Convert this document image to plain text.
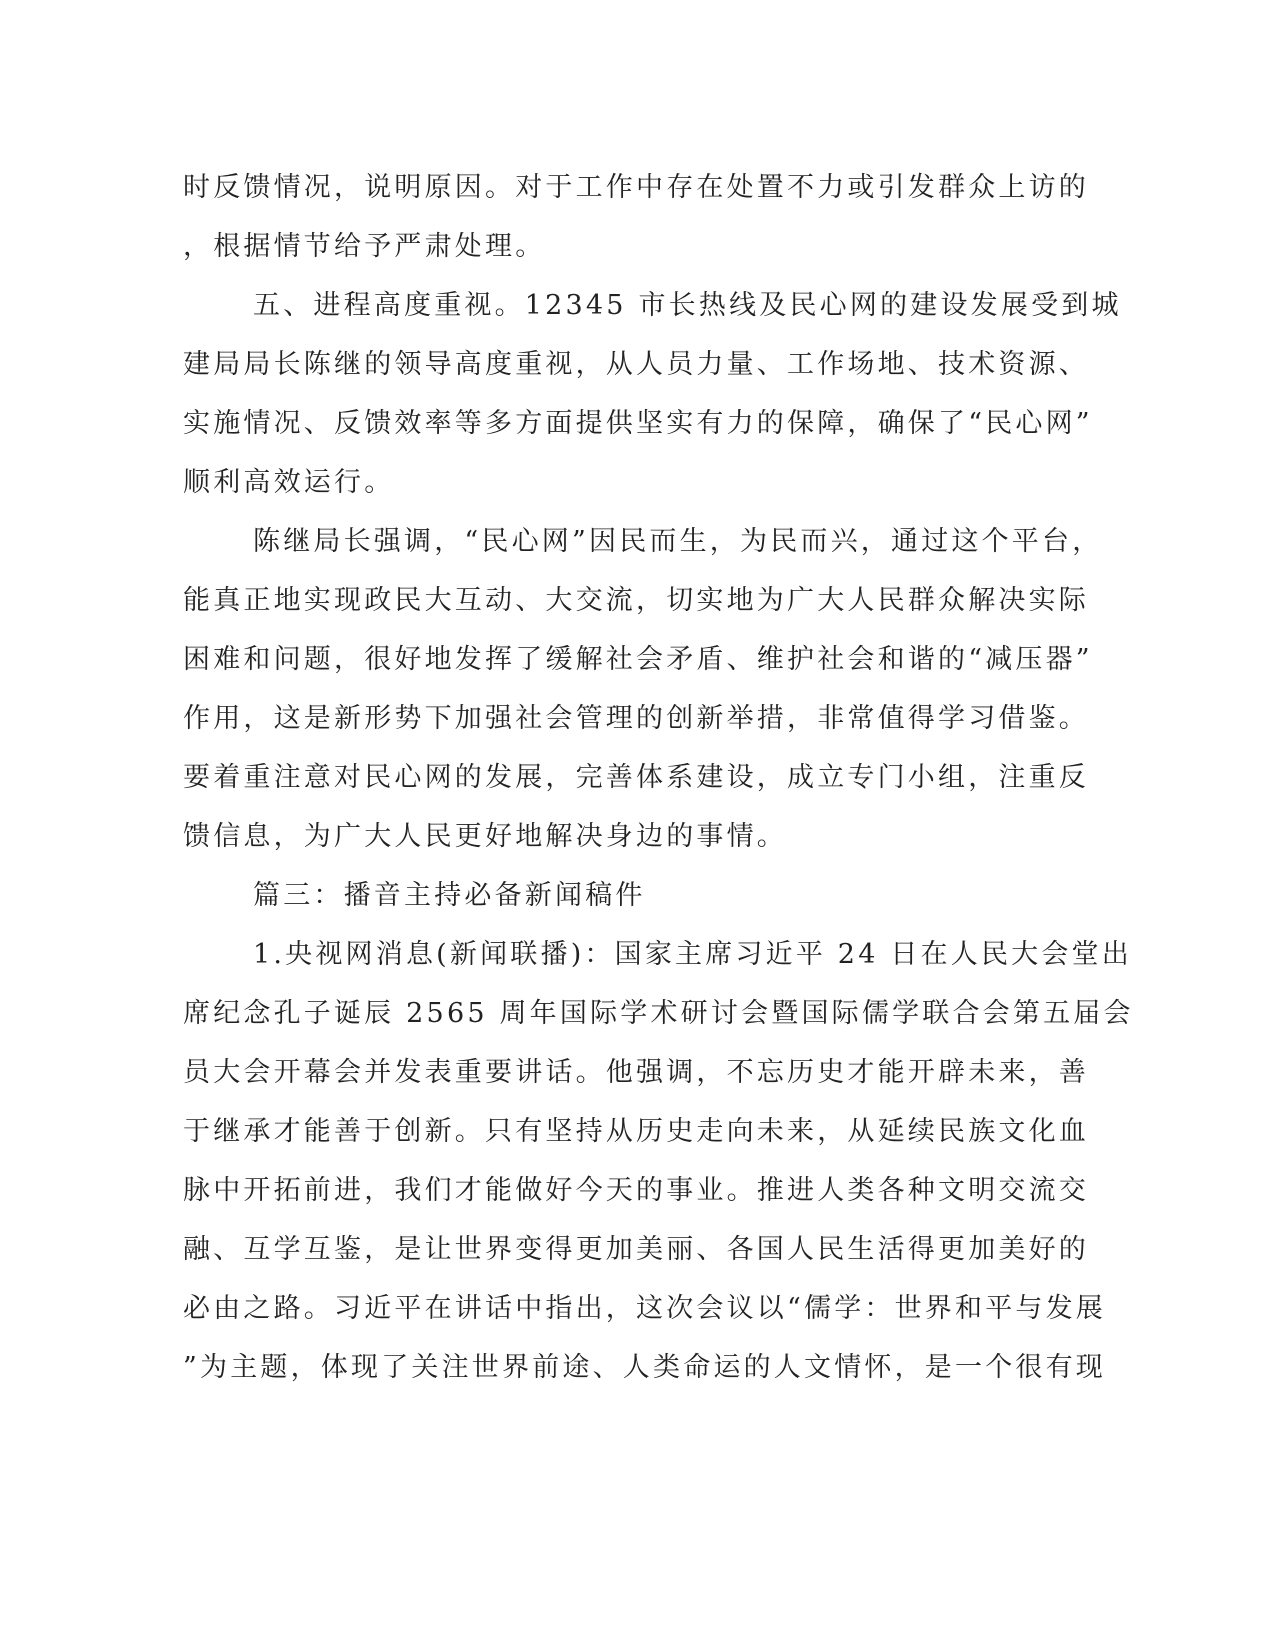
时反馈情况，说明原因。对于工作中存在处置不力或引发群众上访的
，根据情节给予严肃处理。
五、进程高度重视。12345 市长热线及民心网的建设发展受到城
建局局长陈继的领导高度重视，从人员力量、工作场地、技术资源、
实施情况、反馈效率等多方面提供坚实有力的保障，确保了“民心网”
顺利高效运行。
陈继局长强调，“民心网”因民而生，为民而兴，通过这个平台，
能真正地实现政民大互动、大交流，切实地为广大人民群众解决实际
困难和问题，很好地发挥了缓解社会矛盾、维护社会和谐的“减压器”
作用，这是新形势下加强社会管理的创新举措，非常值得学习借鉴。
要着重注意对民心网的发展，完善体系建设，成立专门小组，注重反
馈信息，为广大人民更好地解决身边的事情。
篇三：播音主持必备新闻稿件
1.央视网消息(新闻联播)：国家主席习近平 24 日在人民大会堂出
席纪念孔子诞辰 2565 周年国际学术研讨会暨国际儒学联合会第五届会
员大会开幕会并发表重要讲话。他强调，不忘历史才能开辟未来，善
于继承才能善于创新。只有坚持从历史走向未来，从延续民族文化血
脉中开拓前进，我们才能做好今天的事业。推进人类各种文明交流交
融、互学互鉴，是让世界变得更加美丽、各国人民生活得更加美好的
必由之路。习近平在讲话中指出，这次会议以“儒学：世界和平与发展
”为主题，体现了关注世界前途、人类命运的人文情怀，是一个很有现
